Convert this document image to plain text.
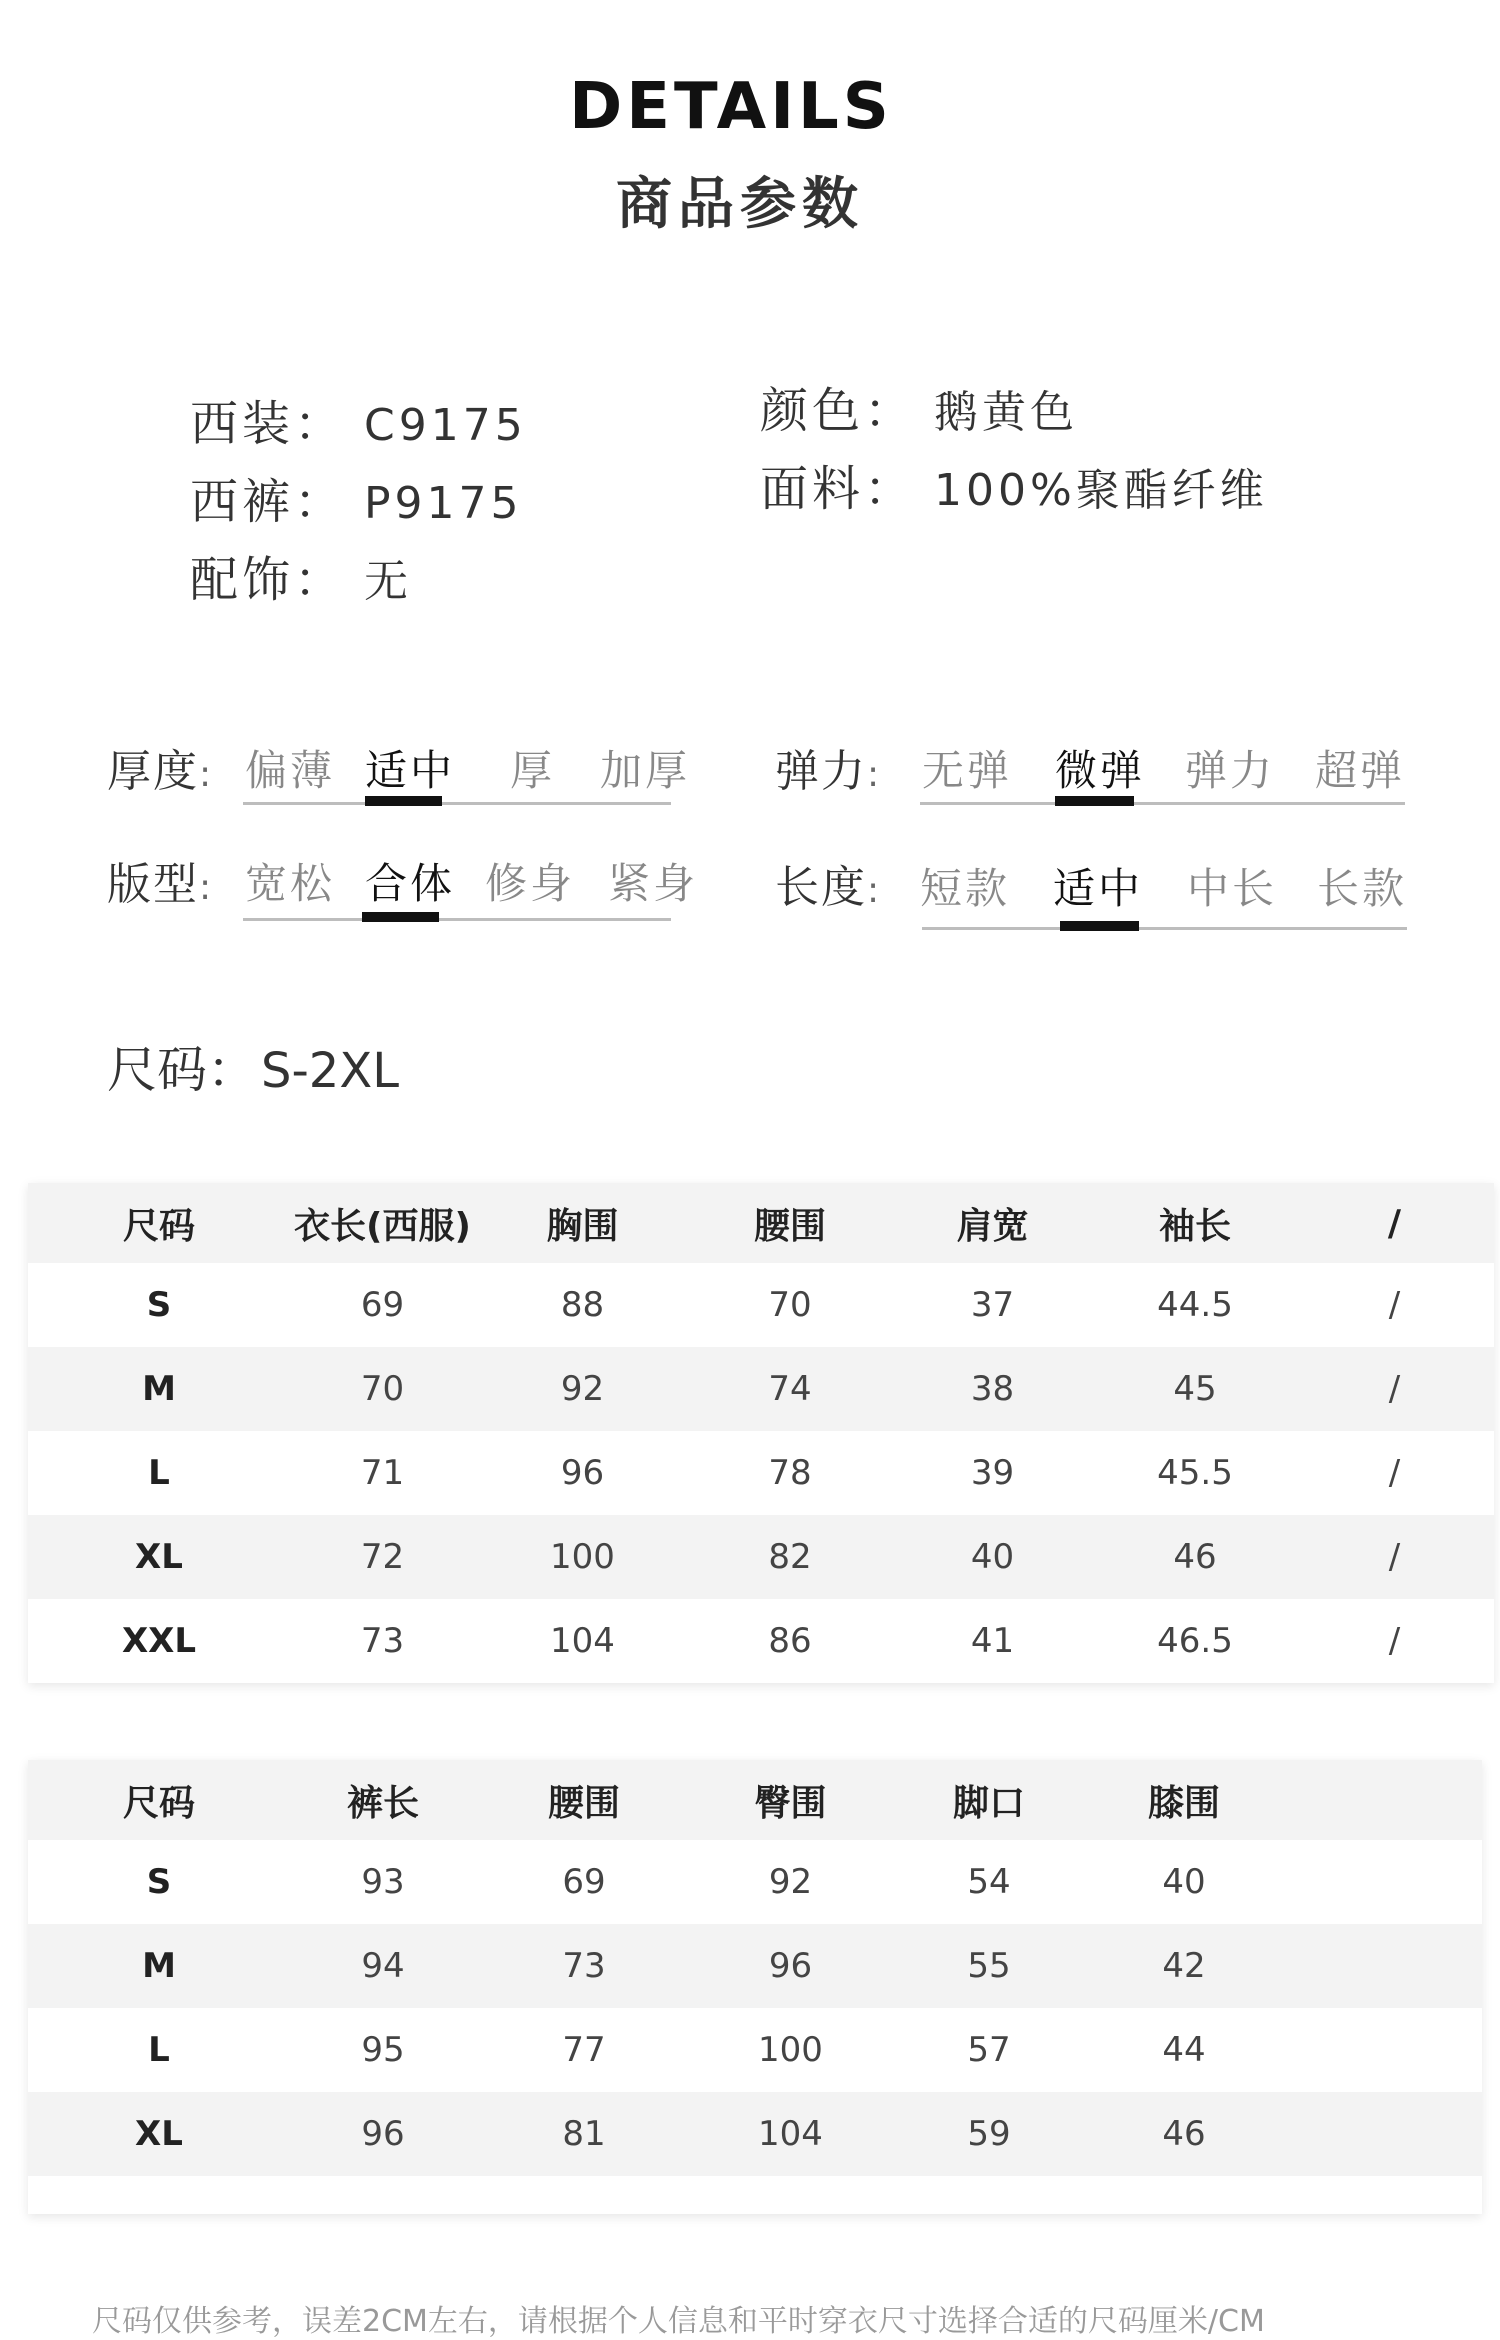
DETAILS
商品参数
西装： C9175
西裤： P9175
配饰： 无
颜色： 鹅黄色
面料： 100%聚酯纤维
厚度: 偏薄 适中 厚 加厚 弹力: 无弹 微弹 弹力 超弹
版型: 宽松 合体 修身 紧身 长度: 短款 适中 中长 长款
尺码：S-2XL
尺码	衣长(西服)	胸围	腰围	肩宽	袖长	/
S	69	88	70	37	44.5	/
M	70	92	74	38	45	/
L	71	96	78	39	45.5	/
XL	72	100	82	40	46	/
XXL	73	104	86	41	46.5	/
尺码	裤长	腰围	臀围	脚口	膝围	
S	93	69	92	54	40	
M	94	73	96	55	42	
L	95	77	100	57	44	
XL	96	81	104	59	46	

尺码仅供参考，误差2CM左右，请根据个人信息和平时穿衣尺寸选择合适的尺码厘米/CM
